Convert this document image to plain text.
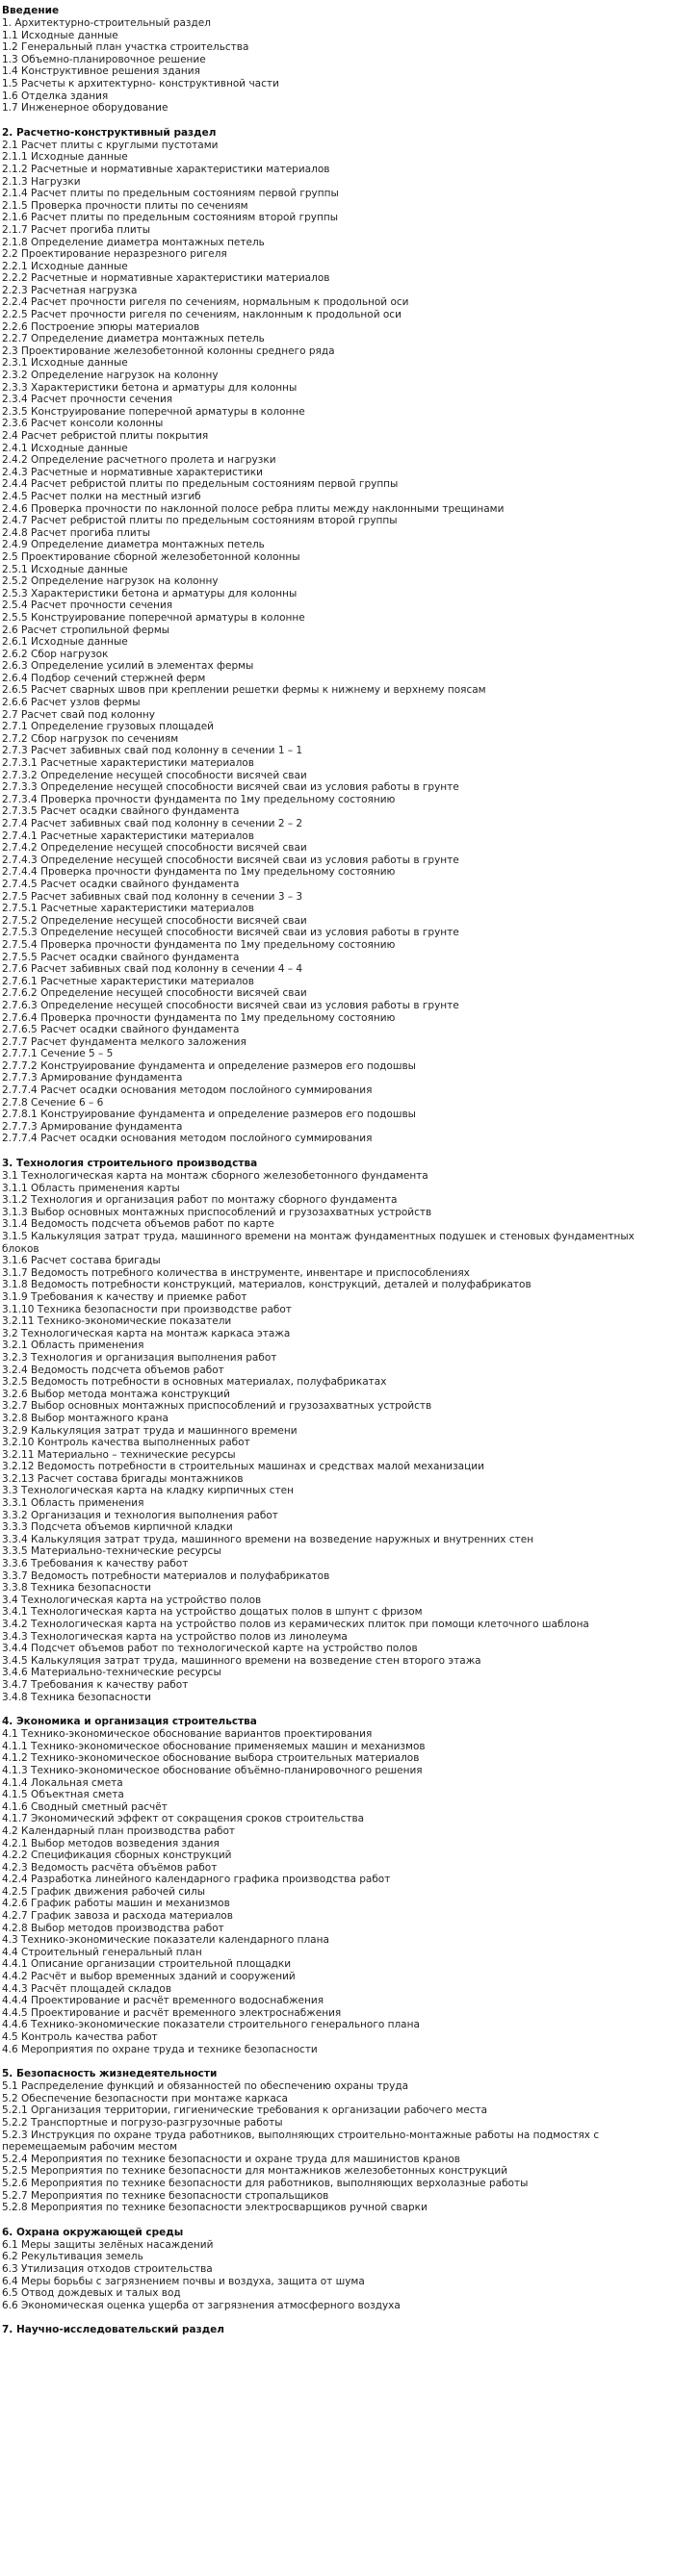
Введение
1. Архитектурно-строительный раздел
1.1 Исходные данные
1.2 Генеральный план участка строительства
1.3 Объемно-планировочное решение
1.4 Конструктивное решения здания
1.5 Расчеты к архитектурно- конструктивной части
1.6 Отделка здания
1.7 Инженерное оборудование
2. Расчетно-конструктивный раздел
2.1 Расчет плиты с круглыми пустотами
2.1.1 Исходные данные
2.1.2 Расчетные и нормативные характеристики материалов
2.1.3 Нагрузки
2.1.4 Расчет плиты по предельным состояниям первой группы
2.1.5 Проверка прочности плиты по сечениям
2.1.6 Расчет плиты по предельным состояниям второй группы
2.1.7 Расчет прогиба плиты
2.1.8 Определение диаметра монтажных петель
2.2 Проектирование неразрезного ригеля
2.2.1 Исходные данные
2.2.2 Расчетные и нормативные характеристики материалов
2.2.3 Расчетная нагрузка
2.2.4 Расчет прочности ригеля по сечениям, нормальным к продольной оси
2.2.5 Расчет прочности ригеля по сечениям, наклонным к продольной оси
2.2.6 Построение эпюры материалов
2.2.7 Определение диаметра монтажных петель
2.3 Проектирование железобетонной колонны среднего ряда
2.3.1 Исходные данные
2.3.2 Определение нагрузок на колонну
2.3.3 Характеристики бетона и арматуры для колонны
2.3.4 Расчет прочности сечения
2.3.5 Конструирование поперечной арматуры в колонне
2.3.6 Расчет консоли колонны
2.4 Расчет ребристой плиты покрытия
2.4.1 Исходные данные
2.4.2 Определение расчетного пролета и нагрузки
2.4.3 Расчетные и нормативные характеристики
2.4.4 Расчет ребристой плиты по предельным состояниям первой группы
2.4.5 Расчет полки на местный изгиб
2.4.6 Проверка прочности по наклонной полосе ребра плиты между наклонными трещинами
2.4.7 Расчет ребристой плиты по предельным состояниям второй группы
2.4.8 Расчет прогиба плиты
2.4.9 Определение диаметра монтажных петель
2.5 Проектирование сборной железобетонной колонны
2.5.1 Исходные данные
2.5.2 Определение нагрузок на колонну
2.5.3 Характеристики бетона и арматуры для колонны
2.5.4 Расчет прочности сечения
2.5.5 Конструирование поперечной арматуры в колонне
2.6 Расчет стропильной фермы
2.6.1 Исходные данные
2.6.2 Сбор нагрузок
2.6.3 Определение усилий в элементах фермы
2.6.4 Подбор сечений стержней ферм
2.6.5 Расчет сварных швов при креплении решетки фермы к нижнему и верхнему поясам
2.6.6 Расчет узлов фермы
2.7 Расчет свай под колонну
2.7.1 Определение грузовых площадей
2.7.2 Сбор нагрузок по сечениям
2.7.3 Расчет забивных свай под колонну в сечении 1 – 1
2.7.3.1 Расчетные характеристики материалов
2.7.3.2 Определение несущей способности висячей сваи
2.7.3.3 Определение несущей способности висячей сваи из условия работы в грунте
2.7.3.4 Проверка прочности фундамента по 1му предельному состоянию
2.7.3.5 Расчет осадки свайного фундамента
2.7.4 Расчет забивных свай под колонну в сечении 2 – 2
2.7.4.1 Расчетные характеристики материалов
2.7.4.2 Определение несущей способности висячей сваи
2.7.4.3 Определение несущей способности висячей сваи из условия работы в грунте
2.7.4.4 Проверка прочности фундамента по 1му предельному состоянию
2.7.4.5 Расчет осадки свайного фундамента
2.7.5 Расчет забивных свай под колонну в сечении 3 – 3
2.7.5.1 Расчетные характеристики материалов
2.7.5.2 Определение несущей способности висячей сваи
2.7.5.3 Определение несущей способности висячей сваи из условия работы в грунте
2.7.5.4 Проверка прочности фундамента по 1му предельному состоянию
2.7.5.5 Расчет осадки свайного фундамента
2.7.6 Расчет забивных свай под колонну в сечении 4 – 4
2.7.6.1 Расчетные характеристики материалов
2.7.6.2 Определение несущей способности висячей сваи
2.7.6.3 Определение несущей способности висячей сваи из условия работы в грунте
2.7.6.4 Проверка прочности фундамента по 1му предельному состоянию
2.7.6.5 Расчет осадки свайного фундамента
2.7.7 Расчет фундамента мелкого заложения
2.7.7.1 Сечение 5 – 5
2.7.7.2 Конструирование фундамента и определение размеров его подошвы
2.7.7.3 Армирование фундамента
2.7.7.4 Расчет осадки основания методом послойного суммирования
2.7.8 Сечение 6 – 6
2.7.8.1 Конструирование фундамента и определение размеров его подошвы
2.7.7.3 Армирование фундамента
2.7.7.4 Расчет осадки основания методом послойного суммирования
3. Технология строительного производства
3.1 Технологическая карта на монтаж сборного железобетонного фундамента
3.1.1 Область применения карты
3.1.2 Технология и организация работ по монтажу сборного фундамента
3.1.3 Выбор основных монтажных приспособлений и грузозахватных устройств
3.1.4 Ведомость подсчета объемов работ по карте
3.1.5 Калькуляция затрат труда, машинного времени на монтаж фундаментных подушек и стеновых фундаментных блоков
3.1.6 Расчет состава бригады
3.1.7 Ведомость потребного количества в инструменте, инвентаре и приспособлениях
3.1.8 Ведомость потребности конструкций, материалов, конструкций, деталей и полуфабрикатов
3.1.9 Требования к качеству и приемке работ
3.1.10 Техника безопасности при производстве работ
3.2.11 Технико-экономические показатели
3.2 Технологическая карта на монтаж каркаса этажа
3.2.1 Область применения
3.2.3 Технология и организация выполнения работ
3.2.4 Ведомость подсчета объемов работ
3.2.5 Ведомость потребности в основных материалах, полуфабрикатах
3.2.6 Выбор метода монтажа конструкций
3.2.7 Выбор основных монтажных приспособлений и грузозахватных устройств
3.2.8 Выбор монтажного крана
3.2.9 Калькуляция затрат труда и машинного времени
3.2.10 Контроль качества выполненных работ
3.2.11 Материально – технические ресурсы
3.2.12 Ведомость потребности в строительных машинах и средствах малой механизации
3.2.13 Расчет состава бригады монтажников
3.3 Технологическая карта на кладку кирпичных стен
3.3.1 Область применения
3.3.2 Организация и технология выполнения работ
3.3.3 Подсчета объемов кирпичной кладки
3.3.4 Калькуляция затрат труда, машинного времени на возведение наружных и внутренних стен
3.3.5 Материально-технические ресурсы
3.3.6 Требования к качеству работ
3.3.7 Ведомость потребности материалов и полуфабрикатов
3.3.8 Техника безопасности
3.4 Технологическая карта на устройство полов
3.4.1 Технологическая карта на устройство дощатых полов в шпунт с фризом
3.4.2 Технологическая карта на устройство полов из керамических плиток при помощи клеточного шаблона
3.4.3 Технологическая карта на устройство полов из линолеума
3.4.4 Подсчет объемов работ по технологической карте на устройство полов
3.4.5 Калькуляция затрат труда, машинного времени на возведение стен второго этажа
3.4.6 Материально-технические ресурсы
3.4.7 Требования к качеству работ
3.4.8 Техника безопасности
4. Экономика и организация строительства
4.1 Технико-экономическое обоснование вариантов проектирования
4.1.1 Технико-экономическое обоснование применяемых машин и механизмов
4.1.2 Технико-экономическое обоснование выбора строительных материалов
4.1.3 Технико-экономическое обоснование объёмно-планировочного решения
4.1.4 Локальная смета
4.1.5 Объектная смета
4.1.6 Сводный сметный расчёт
4.1.7 Экономический эффект от сокращения сроков строительства
4.2 Календарный план производства работ
4.2.1 Выбор методов возведения здания
4.2.2 Спецификация сборных конструкций
4.2.3 Ведомость расчёта объёмов работ
4.2.4 Разработка линейного календарного графика производства работ
4.2.5 График движения рабочей силы
4.2.6 График работы машин и механизмов
4.2.7 График завоза и расхода материалов
4.2.8 Выбор методов производства работ
4.3 Технико-экономические показатели календарного плана
4.4 Строительный генеральный план
4.4.1 Описание организации строительной площадки
4.4.2 Расчёт и выбор временных зданий и сооружений
4.4.3 Расчёт площадей складов
4.4.4 Проектирование и расчёт временного водоснабжения
4.4.5 Проектирование и расчёт временного электроснабжения
4.4.6 Технико-экономические показатели строительного генерального плана
4.5 Контроль качества работ
4.6 Мероприятия по охране труда и технике безопасности
5. Безопасность жизнедеятельности
5.1 Распределение функций и обязанностей по обеспечению охраны труда
5.2 Обеспечение безопасности при монтаже каркаса
5.2.1 Организация территории, гигиенические требования к организации рабочего места
5.2.2 Транспортные и погрузо-разгрузочные работы
5.2.3 Инструкция по охране труда работников, выполняющих строительно-монтажные работы на подмостях с перемещаемым рабочим местом
5.2.4 Мероприятия по технике безопасности и охране труда для машинистов кранов
5.2.5 Мероприятия по технике безопасности для монтажников железобетонных конструкций
5.2.6 Мероприятия по технике безопасности для работников, выполняющих верхолазные работы
5.2.7 Мероприятия по технике безопасности стропальщиков
5.2.8 Мероприятия по технике безопасности электросварщиков ручной сварки
6. Охрана окружающей среды
6.1 Меры защиты зелёных насаждений
6.2 Рекультивация земель
6.3 Утилизация отходов строительства
6.4 Меры борьбы с загрязнением почвы и воздуха, защита от шума
6.5 Отвод дождевых и талых вод
6.6 Экономическая оценка ущерба от загрязнения атмосферного воздуха
7. Научно-исследовательский раздел
